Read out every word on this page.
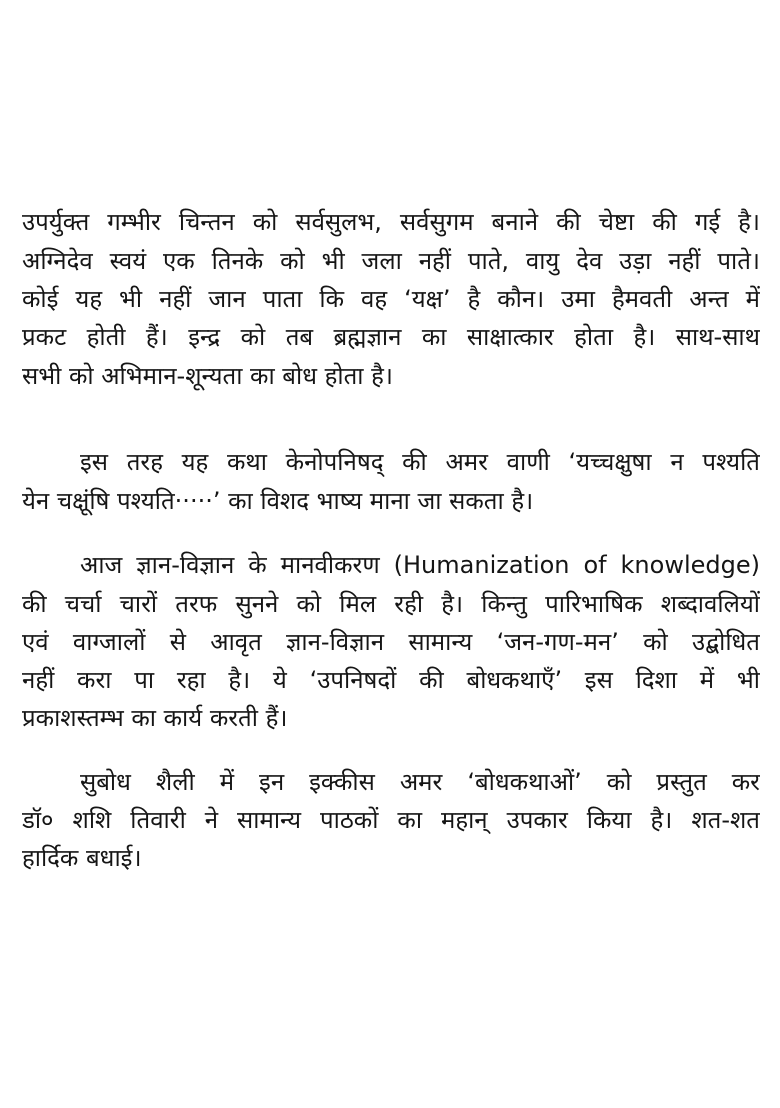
उपर्युक्त गम्भीर चिन्तन को सर्वसुलभ, सर्वसुगम बनाने की चेष्टा की गई है।
अग्निदेव स्वयं एक तिनके को भी जला नहीं पाते, वायु देव उड़ा नहीं पाते।
कोई यह भी नहीं जान पाता कि वह ‘यक्ष’ है कौन। उमा हैमवती अन्त में
प्रकट होती हैं। इन्द्र को तब ब्रह्मज्ञान का साक्षात्कार होता है। साथ-साथ
सभी को अभिमान-शून्यता का बोध होता है।
इस तरह यह कथा केनोपनिषद् की अमर वाणी ‘यच्चक्षुषा न पश्यति
येन चक्षूंषि पश्यति·····’ का विशद भाष्य माना जा सकता है।
आज ज्ञान-विज्ञान के मानवीकरण (Humanization of knowledge)
की चर्चा चारों तरफ सुनने को मिल रही है। किन्तु पारिभाषिक शब्दावलियों
एवं वाग्जालों से आवृत ज्ञान-विज्ञान सामान्य ‘जन-गण-मन’ को उद्बोधित
नहीं करा पा रहा है। ये ‘उपनिषदों की बोधकथाएँ’ इस दिशा में भी
प्रकाशस्तम्भ का कार्य करती हैं।
सुबोध शैली में इन इक्कीस अमर ‘बोधकथाओं’ को प्रस्तुत कर
डॉ० शशि तिवारी ने सामान्य पाठकों का महान् उपकार किया है। शत-शत
हार्दिक बधाई।
